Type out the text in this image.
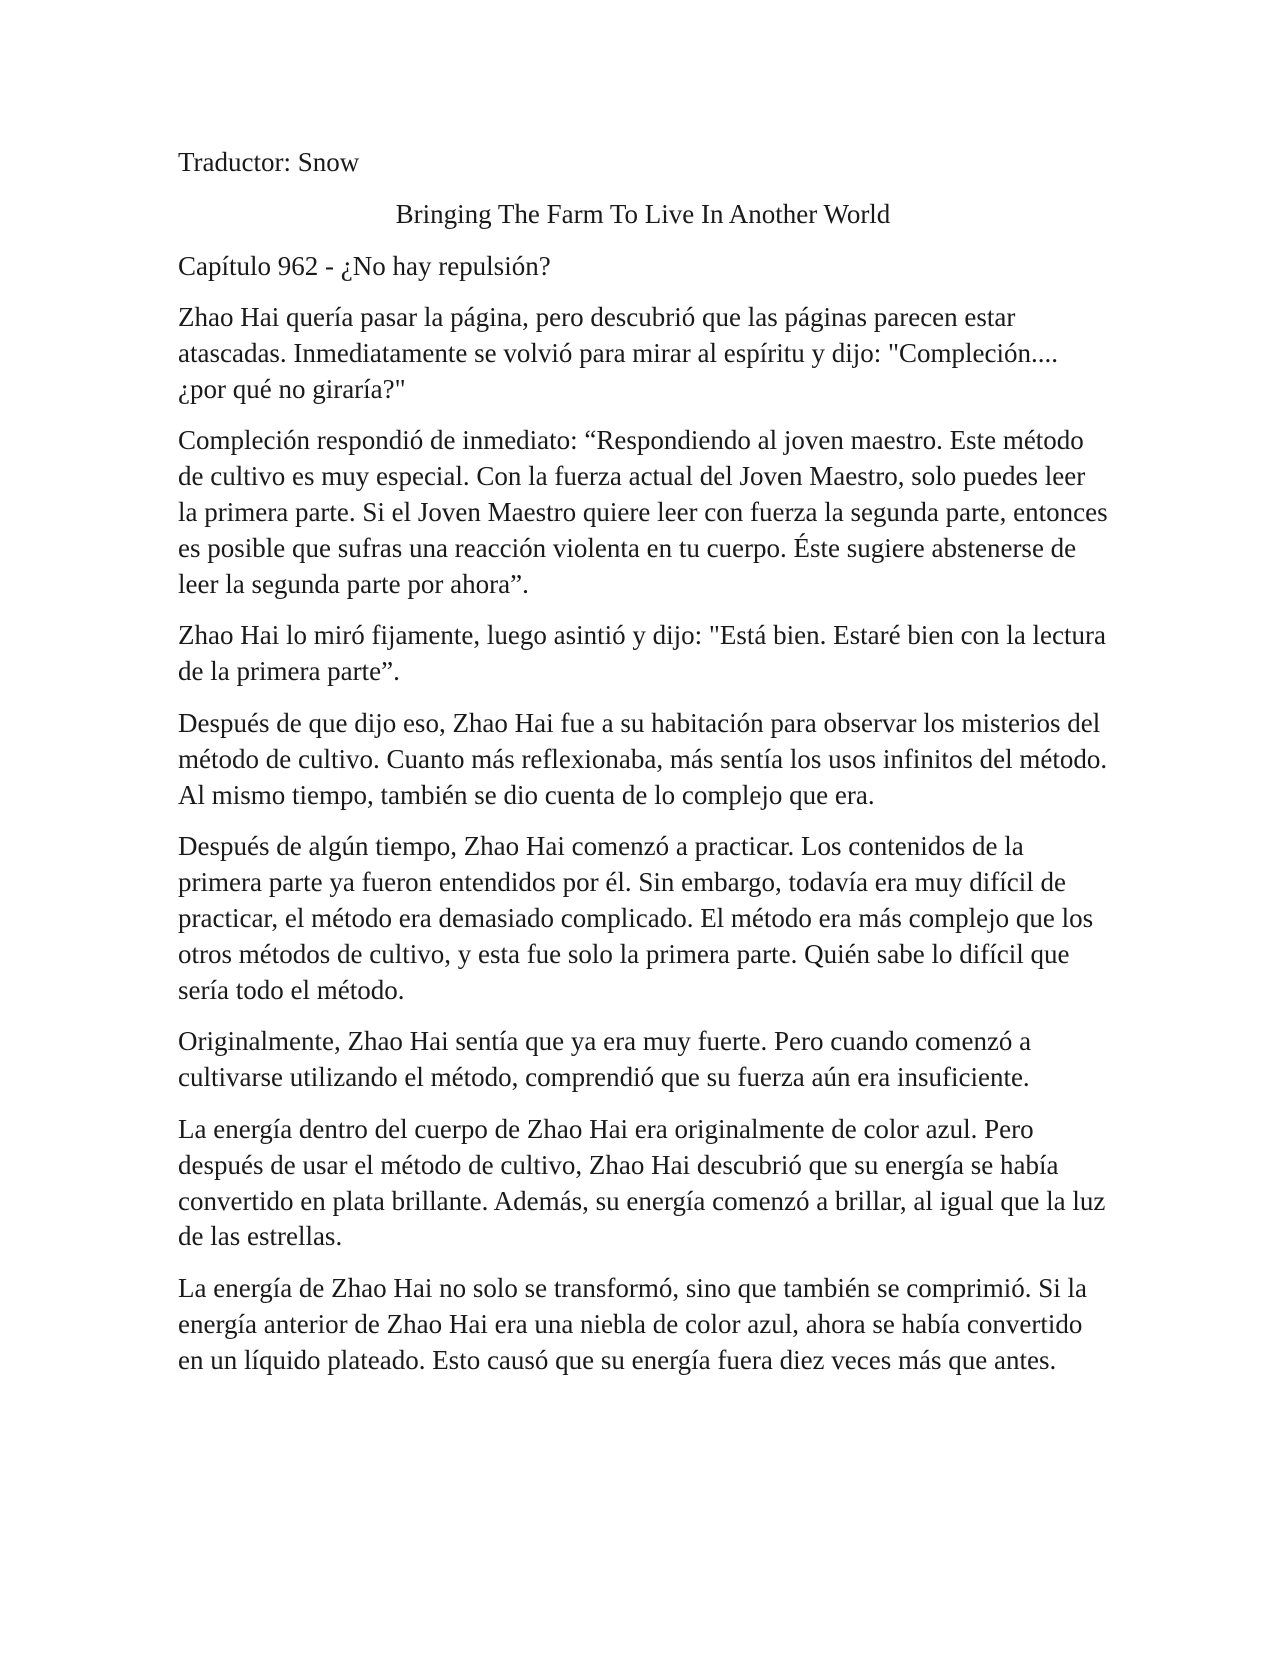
Traductor: Snow

Bringing The Farm To Live In Another World

Capítulo 962 - ¿No hay repulsión?

Zhao Hai quería pasar la página, pero descubrió que las páginas parecen estar atascadas. Inmediatamente se volvió para mirar al espíritu y dijo: "Compleción.... ¿por qué no giraría?"

Compleción respondió de inmediato: “Respondiendo al joven maestro. Este método de cultivo es muy especial. Con la fuerza actual del Joven Maestro, solo puedes leer la primera parte. Si el Joven Maestro quiere leer con fuerza la segunda parte, entonces es posible que sufras una reacción violenta en tu cuerpo. Éste sugiere abstenerse de leer la segunda parte por ahora”.

Zhao Hai lo miró fijamente, luego asintió y dijo: "Está bien. Estaré bien con la lectura de la primera parte”.

Después de que dijo eso, Zhao Hai fue a su habitación para observar los misterios del método de cultivo. Cuanto más reflexionaba, más sentía los usos infinitos del método. Al mismo tiempo, también se dio cuenta de lo complejo que era.

Después de algún tiempo, Zhao Hai comenzó a practicar. Los contenidos de la primera parte ya fueron entendidos por él. Sin embargo, todavía era muy difícil de practicar, el método era demasiado complicado. El método era más complejo que los otros métodos de cultivo, y esta fue solo la primera parte. Quién sabe lo difícil que sería todo el método.

Originalmente, Zhao Hai sentía que ya era muy fuerte. Pero cuando comenzó a cultivarse utilizando el método, comprendió que su fuerza aún era insuficiente.

La energía dentro del cuerpo de Zhao Hai era originalmente de color azul. Pero después de usar el método de cultivo, Zhao Hai descubrió que su energía se había convertido en plata brillante. Además, su energía comenzó a brillar, al igual que la luz de las estrellas.

La energía de Zhao Hai no solo se transformó, sino que también se comprimió. Si la energía anterior de Zhao Hai era una niebla de color azul, ahora se había convertido en un líquido plateado. Esto causó que su energía fuera diez veces más que antes.
